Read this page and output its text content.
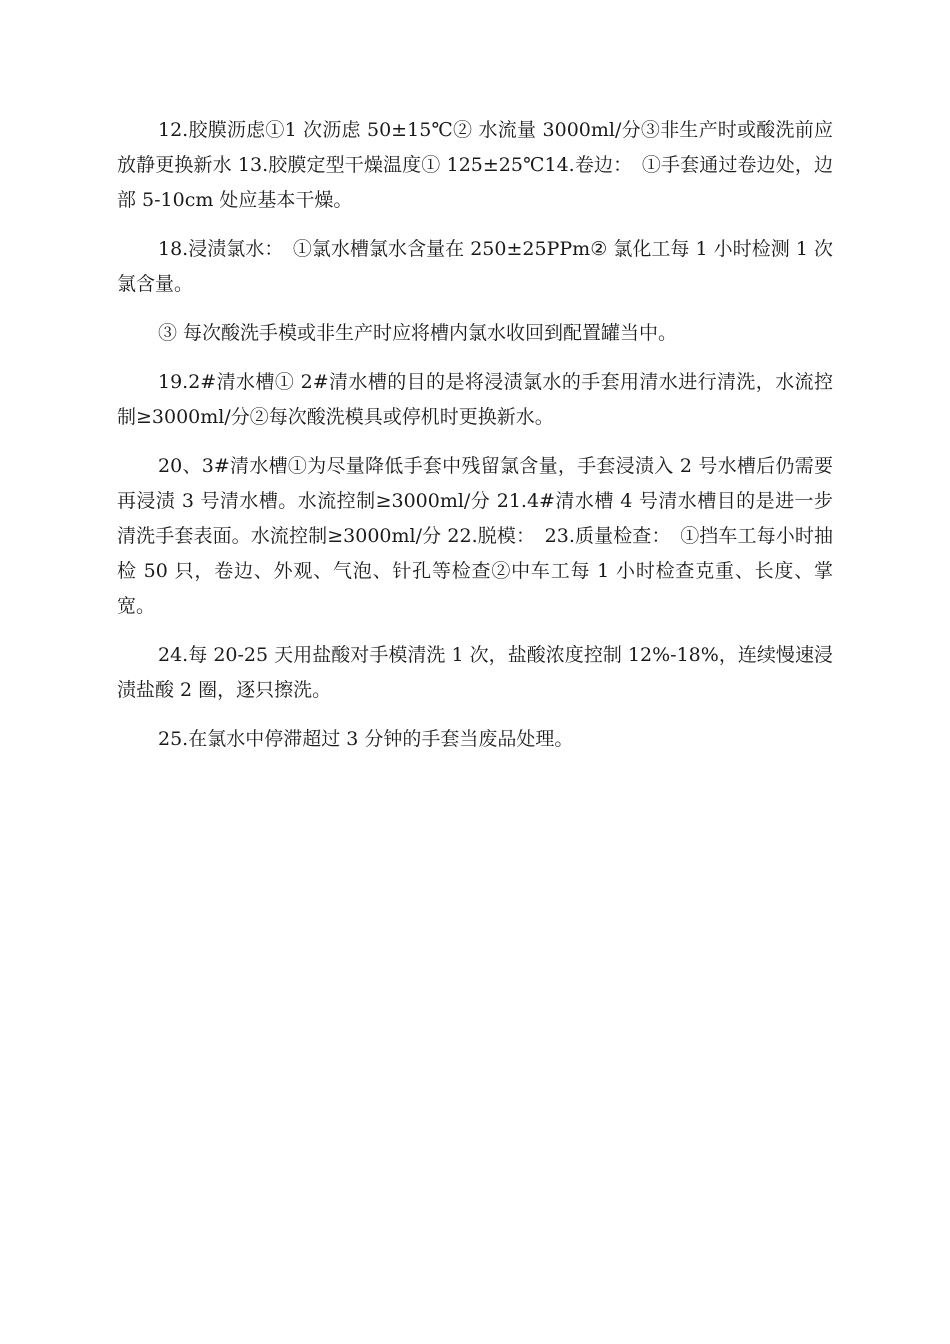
12.胶膜沥虑①1 次沥虑 50±15℃② 水流量 3000ml/分③非生产时或酸洗前应放静更换新水 13.胶膜定型干燥温度① 125±25℃14.卷边：　①手套通过卷边处，边部 5-10cm 处应基本干燥。

18.浸渍氯水：　①氯水槽氯水含量在 250±25PPm② 氯化工每 1 小时检测 1 次氯含量。

③ 每次酸洗手模或非生产时应将槽内氯水收回到配置罐当中。

19.2#清水槽① 2#清水槽的目的是将浸渍氯水的手套用清水进行清洗，水流控制≥3000ml/分②每次酸洗模具或停机时更换新水。

20、3#清水槽①为尽量降低手套中残留氯含量，手套浸渍入 2 号水槽后仍需要再浸渍 3 号清水槽。水流控制≥3000ml/分 21.4#清水槽 4 号清水槽目的是进一步清洗手套表面。水流控制≥3000ml/分 22.脱模：　23.质量检查：　①挡车工每小时抽检 50 只，卷边、外观、气泡、针孔等检查②中车工每 1 小时检查克重、长度、掌宽。

24.每 20-25 天用盐酸对手模清洗 1 次，盐酸浓度控制 12%-18%，连续慢速浸渍盐酸 2 圈，逐只擦洗。

25.在氯水中停滞超过 3 分钟的手套当废品处理。
